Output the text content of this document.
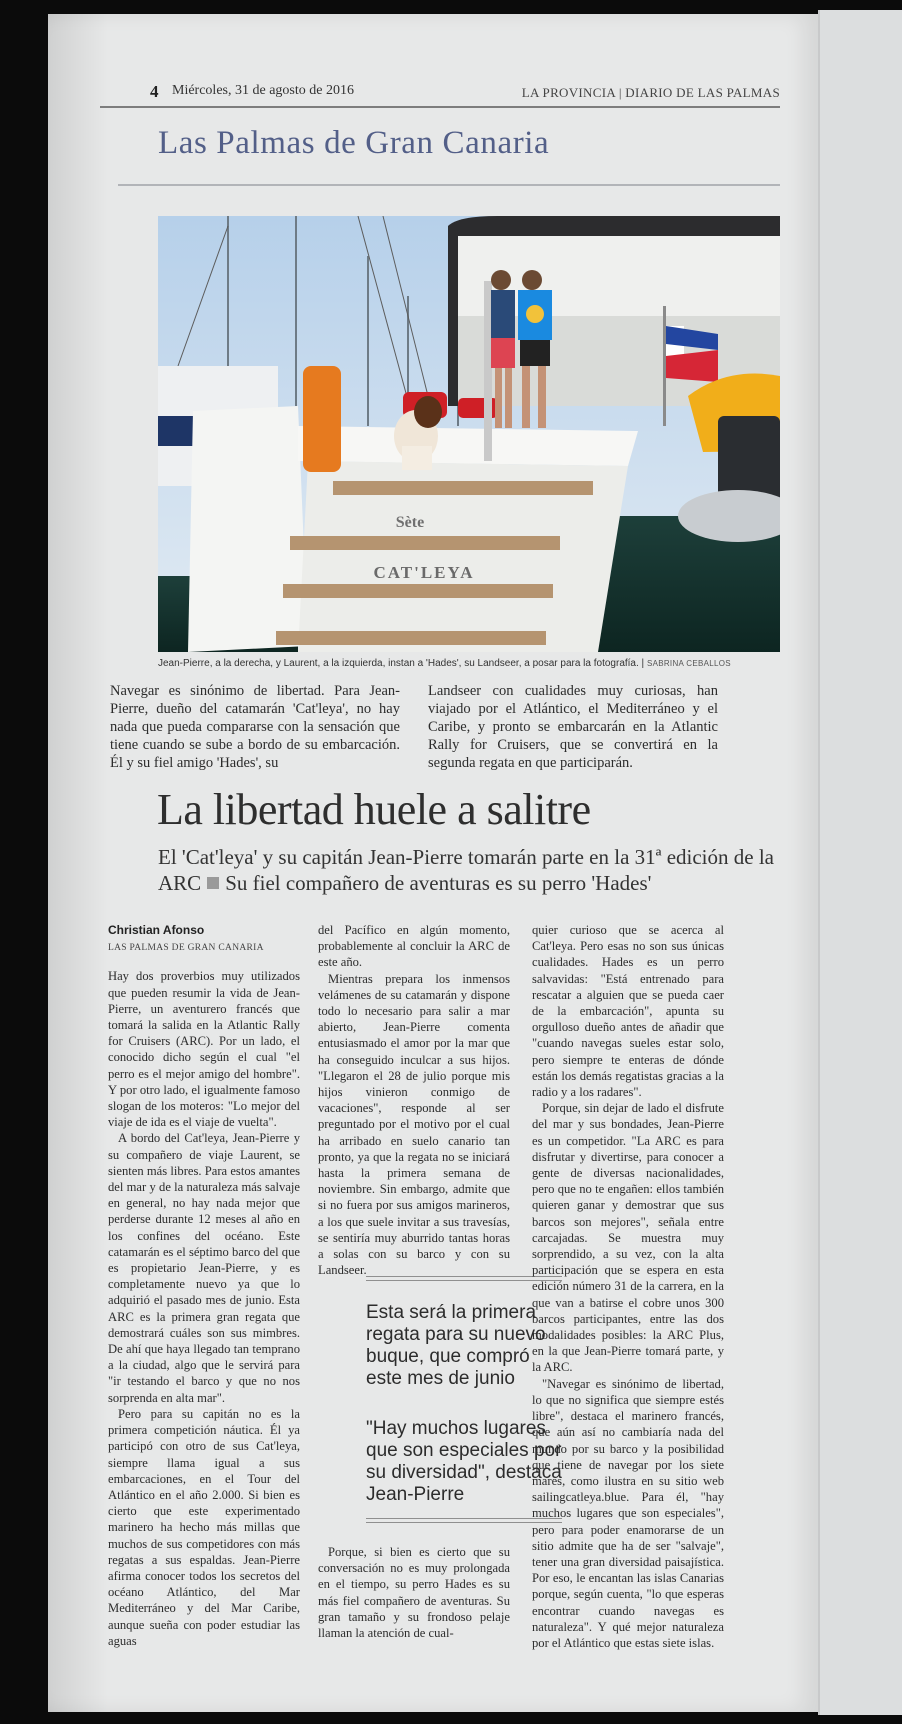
4 Miércoles, 31 de agosto de 2016	LA PROVINCIA | DIARIO DE LAS PALMAS
Las Palmas de Gran Canaria
Sète
CAT'LEYA
Jean-Pierre, a la derecha, y Laurent, a la izquierda, instan a 'Hades', su Landseer, a posar para la fotografía. | SABRINA CEBALLOS
Navegar es sinónimo de libertad. Para Jean-Pierre, dueño del catamarán 'Cat'leya', no hay nada que pueda compararse con la sensación que tiene cuando se sube a bordo de su embarcación. Él y su fiel amigo 'Hades', su
Landseer con cualidades muy curiosas, han viajado por el Atlántico, el Mediterráneo y el Caribe, y pronto se embarcarán en la Atlantic Rally for Cruisers, que se convertirá en la segunda regata en que participarán.
La libertad huele a salitre
El 'Cat'leya' y su capitán Jean-Pierre tomarán parte en la 31ª edición de la ARC Su fiel compañero de aventuras es su perro 'Hades'
Christian Afonso
LAS PALMAS DE GRAN CANARIA

Hay dos proverbios muy utilizados que pueden resumir la vida de Jean-Pierre, un aventurero francés que tomará la salida en la Atlantic Rally for Cruisers (ARC). Por un lado, el conocido dicho según el cual "el perro es el mejor amigo del hombre". Y por otro lado, el igualmente famoso slogan de los moteros: "Lo mejor del viaje de ida es el viaje de vuelta".

A bordo del Cat'leya, Jean-Pierre y su compañero de viaje Laurent, se sienten más libres. Para estos amantes del mar y de la naturaleza más salvaje en general, no hay nada mejor que perderse durante 12 meses al año en los confines del océano. Este catamarán es el séptimo barco del que es propietario Jean-Pierre, y es completamente nuevo ya que lo adquirió el pasado mes de junio. Esta ARC es la primera gran regata que demostrará cuáles son sus mimbres. De ahí que haya llegado tan temprano a la ciudad, algo que le servirá para "ir testando el barco y que no nos sorprenda en alta mar".

Pero para su capitán no es la primera competición náutica. Él ya participó con otro de sus Cat'leya, siempre llama igual a sus embarcaciones, en el Tour del Atlántico en el año 2.000. Si bien es cierto que este experimentado marinero ha hecho más millas que muchos de sus competidores con más regatas a sus espaldas. Jean-Pierre afirma conocer todos los secretos del océano Atlántico, del Mar Mediterráneo y del Mar Caribe, aunque sueña con poder estudiar las aguas

del Pacífico en algún momento, probablemente al concluir la ARC de este año.

Mientras prepara los inmensos velámenes de su catamarán y dispone todo lo necesario para salir a mar abierto, Jean-Pierre comenta entusiasmado el amor por la mar que ha conseguido inculcar a sus hijos. "Llegaron el 28 de julio porque mis hijos vinieron conmigo de vacaciones", responde al ser preguntado por el motivo por el cual ha arribado en suelo canario tan pronto, ya que la regata no se iniciará hasta la primera semana de noviembre. Sin embargo, admite que si no fuera por sus amigos marineros, a los que suele invitar a sus travesías, se sentiría muy aburrido tantas horas a solas con su barco y con su Landseer.

Esta será la primera regata para su nuevo buque, que compró este mes de junio
"Hay muchos lugares que son especiales por su diversidad", destaca Jean-Pierre

Porque, si bien es cierto que su conversación no es muy prolongada en el tiempo, su perro Hades es su más fiel compañero de aventuras. Su gran tamaño y su frondoso pelaje llaman la atención de cual-

quier curioso que se acerca al Cat'leya. Pero esas no son sus únicas cualidades. Hades es un perro salvavidas: "Está entrenado para rescatar a alguien que se pueda caer de la embarcación", apunta su orgulloso dueño antes de añadir que "cuando navegas sueles estar solo, pero siempre te enteras de dónde están los demás regatistas gracias a la radio y a los radares".

Porque, sin dejar de lado el disfrute del mar y sus bondades, Jean-Pierre es un competidor. "La ARC es para disfrutar y divertirse, para conocer a gente de diversas nacionalidades, pero que no te engañen: ellos también quieren ganar y demostrar que sus barcos son mejores", señala entre carcajadas. Se muestra muy sorprendido, a su vez, con la alta participación que se espera en esta edición número 31 de la carrera, en la que van a batirse el cobre unos 300 barcos participantes, entre las dos modalidades posibles: la ARC Plus, en la que Jean-Pierre tomará parte, y la ARC.

"Navegar es sinónimo de libertad, lo que no significa que siempre estés libre", destaca el marinero francés, que aún así no cambiaría nada del mundo por su barco y la posibilidad que tiene de navegar por los siete mares, como ilustra en su sitio web sailingcatleya.blue. Para él, "hay muchos lugares que son especiales", pero para poder enamorarse de un sitio admite que ha de ser "salvaje", tener una gran diversidad paisajística. Por eso, le encantan las islas Canarias porque, según cuenta, "lo que esperas encontrar cuando navegas es naturaleza". Y qué mejor naturaleza por el Atlántico que estas siete islas.
